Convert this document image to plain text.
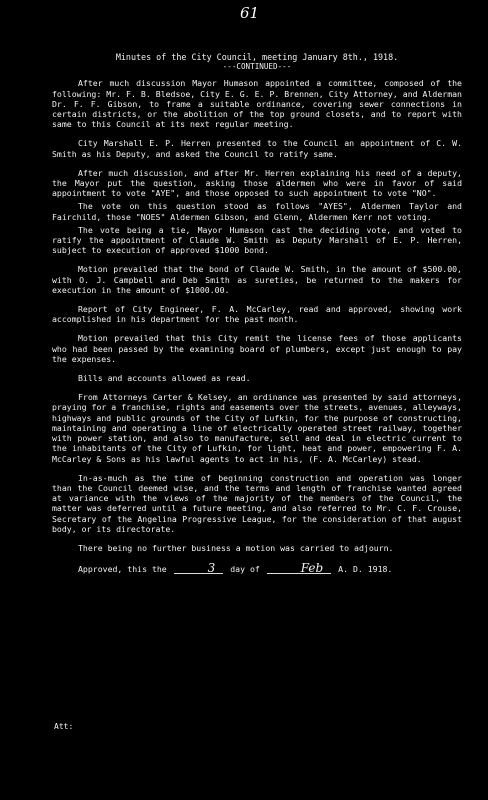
61
Minutes of the City Council, meeting January 8th., 1918.
---CONTINUED---

After much discussion Mayor Humason appointed a committee, composed of the following: Mr. F. B. Bledsoe, City E. G. E. P. Brennen, City Attorney, and Alderman Dr. F. F. Gibson, to frame a suitable ordinance, covering sewer connections in certain districts, or the abolition of the top ground closets, and to report with same to this Council at its next regular meeting.

City Marshall E. P. Herren presented to the Council an appointment of C. W. Smith as his Deputy, and asked the Council to ratify same.

After much discussion, and after Mr. Herren explaining his need of a deputy, the Mayor put the question, asking those aldermen who were in favor of said appointment to vote "AYE", and those opposed to such appointment to vote "NO".

The vote on this question stood as follows "AYES", Aldermen Taylor and Fairchild, those "NOES" Aldermen Gibson, and Glenn, Aldermen Kerr not voting.

The vote being a tie, Mayor Humason cast the deciding vote, and voted to ratify the appointment of Claude W. Smith as Deputy Marshall of E. P. Herren, subject to execution of approved $1000 bond.

Motion prevailed that the bond of Claude W. Smith, in the amount of $500.00, with O. J. Campbell and Deb Smith as sureties, be returned to the makers for execution in the amount of $1000.00.

Report of City Engineer, F. A. McCarley, read and approved, showing work accomplished in his department for the past month.

Motion prevailed that this City remit the license fees of those applicants who had been passed by the examining board of plumbers, except just enough to pay the expenses.

Bills and accounts allowed as read.

From Attorneys Carter & Kelsey, an ordinance was presented by said attorneys, praying for a franchise, rights and easements over the streets, avenues, alleyways, highways and public grounds of the City of Lufkin, for the purpose of constructing, maintaining and operating a line of electrically operated street railway, together with power station, and also to manufacture, sell and deal in electric current to the inhabitants of the City of Lufkin, for light, heat and power, empowering F. A. McCarley & Sons as his lawful agents to act in his, (F. A. McCarley) stead.

In-as-much as the time of beginning construction and operation was longer than the Council deemed wise, and the terms and length of franchise wanted agreed at variance with the views of the majority of the members of the Council, the matter was deferred until a future meeting, and also referred to Mr. C. F. Crouse, Secretary of the Angelina Progressive League, for the consideration of that august body, or its directorate.

There being no further business a motion was carried to adjourn.

Approved, this the	3 day of	Feb A. D. 1918.
Att:
